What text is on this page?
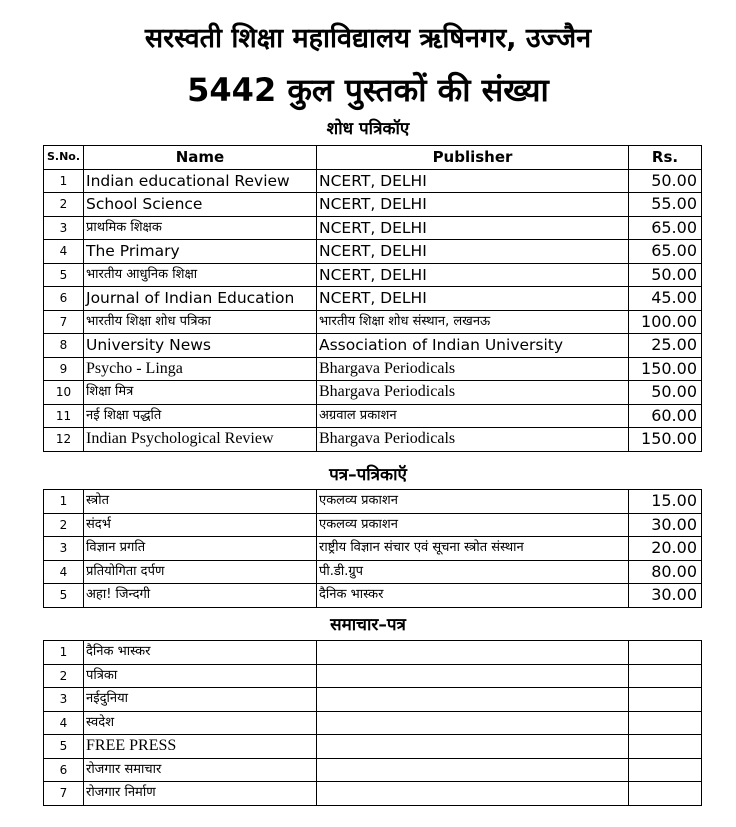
सरस्वती शिक्षा महाविद्यालय ऋषिनगर, उज्जैन
5442 कुल पुस्तकों की संख्या
शोध पत्रिकॉए
S.No.	Name	Publisher	Rs.
1	Indian educational Review	NCERT, DELHI	50.00
2	School Science	NCERT, DELHI	55.00
3	प्राथमिक शिक्षक	NCERT, DELHI	65.00
4	The Primary	NCERT, DELHI	65.00
5	भारतीय आधुनिक शिक्षा	NCERT, DELHI	50.00
6	Journal of Indian Education	NCERT, DELHI	45.00
7	भारतीय शिक्षा शोध पत्रिका	भारतीय शिक्षा शोध संस्थान, लखनऊ	100.00
8	University News	Association of Indian University	25.00
9	Psycho - Linga	Bhargava Periodicals	150.00
10	शिक्षा मित्र	Bhargava Periodicals	50.00
11	नई शिक्षा पद्धति	अग्रवाल प्रकाशन	60.00
12	Indian Psychological Review	Bhargava Periodicals	150.00
पत्र–पत्रिकाऍ
1	स्त्रोत	एकलव्य प्रकाशन	15.00
2	संदर्भ	एकलव्य प्रकाशन	30.00
3	विज्ञान प्रगति	राष्ट्रीय विज्ञान संचार एवं सूचना स्त्रोत संस्थान	20.00
4	प्रतियोगिता दर्पण	पी.डी.ग्रुप	80.00
5	अहा! जिन्दगी	दैनिक भास्कर	30.00
समाचार–पत्र
1	दैनिक भास्कर		
2	पत्रिका		
3	नईदुनिया		
4	स्वदेश		
5	FREE PRESS		
6	रोजगार समाचार		
7	रोजगार निर्माण		
